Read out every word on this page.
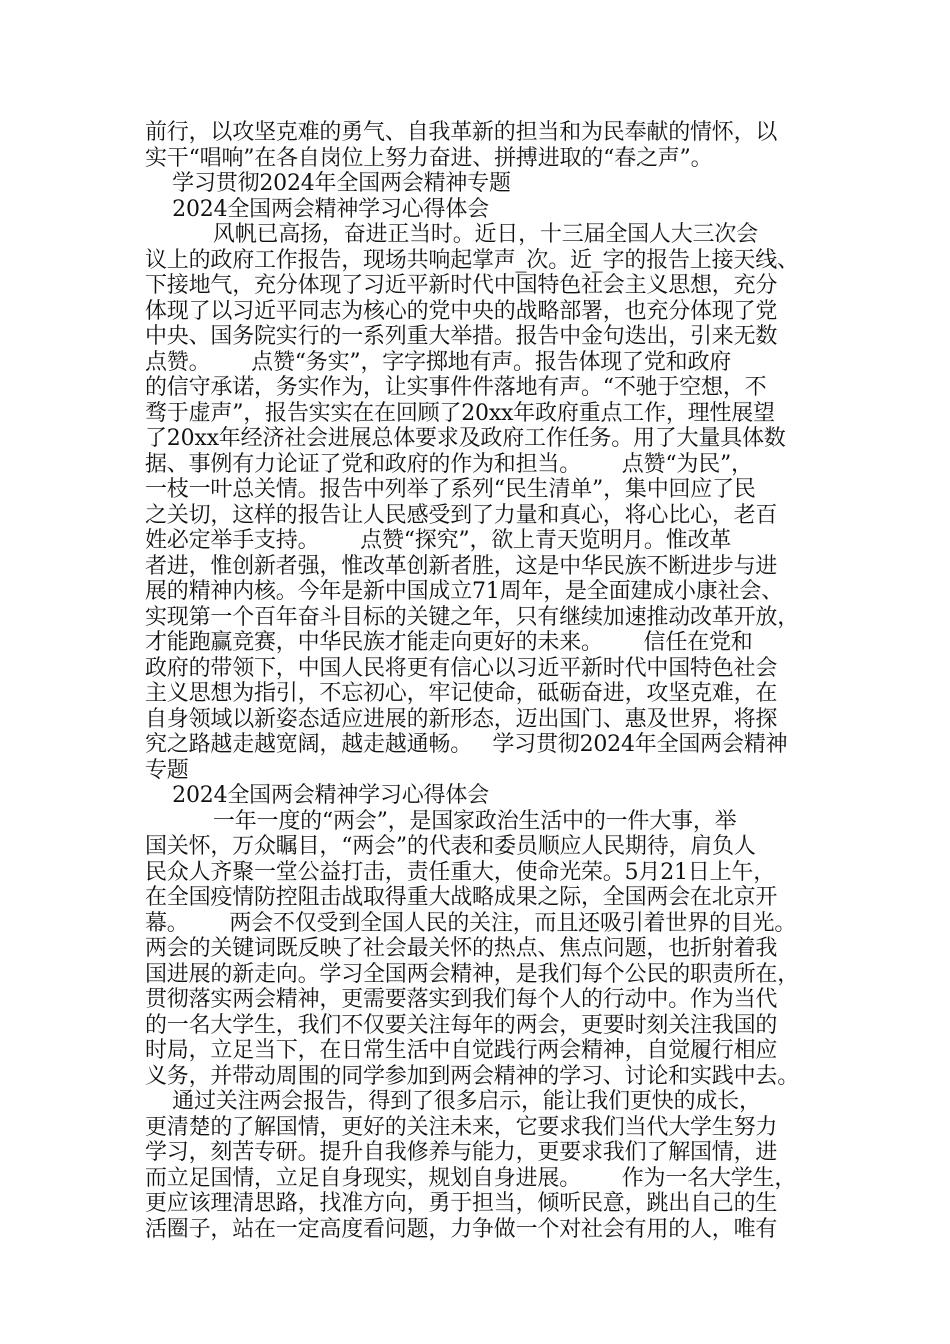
前行，以攻坚克难的勇气、自我革新的担当和为民奉献的情怀，以
实干“唱响”在各自岗位上努力奋进、拼搏进取的“春之声”。
学习贯彻2024年全国两会精神专题
2024全国两会精神学习心得体会
风帆已高扬，奋进正当时。近日，十三届全国人大三次会
议上的政府工作报告，现场共响起掌声_次。近_字的报告上接天线、
下接地气，充分体现了习近平新时代中国特色社会主义思想，充分
体现了以习近平同志为核心的党中央的战略部署，也充分体现了党
中央、国务院实行的一系列重大举措。报告中金句迭出，引来无数
点赞。      点赞“务实”，字字掷地有声。报告体现了党和政府
的信守承诺，务实作为，让实事件件落地有声。“不驰于空想，不
骛于虚声”，报告实实在在回顾了20xx年政府重点工作，理性展望
了20xx年经济社会进展总体要求及政府工作任务。用了大量具体数
据、事例有力论证了党和政府的作为和担当。      点赞“为民”，
一枝一叶总关情。报告中列举了系列“民生清单”，集中回应了民
之关切，这样的报告让人民感受到了力量和真心，将心比心，老百
姓必定举手支持。      点赞“探究”，欲上青天览明月。惟改革
者进，惟创新者强，惟改革创新者胜，这是中华民族不断进步与进
展的精神内核。今年是新中国成立71周年，是全面建成小康社会、
实现第一个百年奋斗目标的关键之年，只有继续加速推动改革开放，
才能跑赢竞赛，中华民族才能走向更好的未来。      信任在党和
政府的带领下，中国人民将更有信心以习近平新时代中国特色社会
主义思想为指引，不忘初心，牢记使命，砥砺奋进，攻坚克难，在
自身领域以新姿态适应进展的新形态，迈出国门、惠及世界，将探
究之路越走越宽阔，越走越通畅。   学习贯彻2024年全国两会精神
专题
2024全国两会精神学习心得体会
一年一度的“两会”，是国家政治生活中的一件大事，举
国关怀，万众瞩目，“两会”的代表和委员顺应人民期待，肩负人
民众人齐聚一堂公益打击，责任重大，使命光荣。5月21日上午，
在全国疫情防控阻击战取得重大战略成果之际，全国两会在北京开
幕。      两会不仅受到全国人民的关注，而且还吸引着世界的目光。
两会的关键词既反映了社会最关怀的热点、焦点问题，也折射着我
国进展的新走向。学习全国两会精神，是我们每个公民的职责所在，
贯彻落实两会精神，更需要落实到我们每个人的行动中。作为当代
的一名大学生，我们不仅要关注每年的两会，更要时刻关注我国的
时局，立足当下，在日常生活中自觉践行两会精神，自觉履行相应
义务，并带动周围的同学参加到两会精神的学习、讨论和实践中去。
通过关注两会报告，得到了很多启示，能让我们更快的成长，
更清楚的了解国情，更好的关注未来，它要求我们当代大学生努力
学习，刻苦专研。提升自我修养与能力，更要求我们了解国情，进
而立足国情，立足自身现实，规划自身进展。      作为一名大学生，
更应该理清思路，找准方向，勇于担当，倾听民意，跳出自己的生
活圈子，站在一定高度看问题，力争做一个对社会有用的人，唯有
